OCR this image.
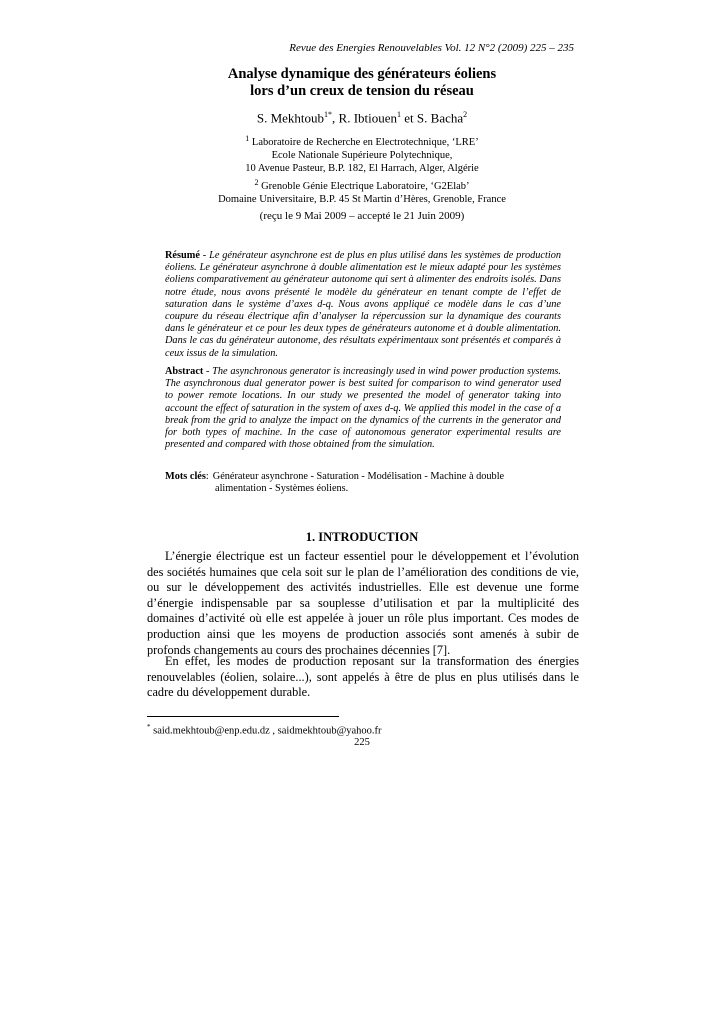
Revue des Energies Renouvelables Vol. 12 N°2 (2009) 225 – 235
Analyse dynamique des générateurs éoliens
lors d’un creux de tension du réseau
S. Mekhtoub$^{1*}$, R. Ibtiouen$^1$ et S. Bacha$^2$
$^1$ Laboratoire de Recherche en Electrotechnique, ‘LRE’
Ecole Nationale Supérieure Polytechnique,
10 Avenue Pasteur, B.P. 182, El Harrach, Alger, Algérie
$^2$ Grenoble Génie Electrique Laboratoire, ‘G2Elab’
Domaine Universitaire, B.P. 45 St Martin d’Hères, Grenoble, France
(reçu le 9 Mai 2009 – accepté le 21 Juin 2009)
Résumé - Le générateur asynchrone est de plus en plus utilisé dans les systèmes de production éoliens. Le générateur asynchrone à double alimentation est le mieux adapté pour les systèmes éoliens comparativement au générateur autonome qui sert à alimenter des endroits isolés. Dans notre étude, nous avons présenté le modèle du générateur en tenant compte de l’effet de saturation dans le système d’axes d-q. Nous avons appliqué ce modèle dans le cas d’une coupure du réseau électrique afin d’analyser la répercussion sur la dynamique des courants dans le générateur et ce pour les deux types de générateurs autonome et à double alimentation. Dans le cas du générateur autonome, des résultats expérimentaux sont présentés et comparés à ceux issus de la simulation.
Abstract - The asynchronous generator is increasingly used in wind power production systems. The asynchronous dual generator power is best suited for comparison to wind generator used to power remote locations. In our study we presented the model of generator taking into account the effect of saturation in the system of axes d-q. We applied this model in the case of a break from the grid to analyze the impact on the dynamics of the currents in the generator and for both types of machine. In the case of autonomous generator experimental results are presented and compared with those obtained from the simulation.
Mots clés : Générateur asynchrone - Saturation - Modélisation - Machine à double
alimentation - Systèmes éoliens.
1. INTRODUCTION
L’énergie électrique est un facteur essentiel pour le développement et l’évolution des sociétés humaines que cela soit sur le plan de l’amélioration des conditions de vie, ou sur le développement des activités industrielles. Elle est devenue une forme d’énergie indispensable par sa souplesse d’utilisation et par la multiplicité des domaines d’activité où elle est appelée à jouer un rôle plus important. Ces modes de production ainsi que les moyens de production associés sont amenés à subir de profonds changements au cours des prochaines décennies [7].
En effet, les modes de production reposant sur la transformation des énergies renouvelables (éolien, solaire...), sont appelés à être de plus en plus utilisés dans le cadre du développement durable.
* said.mekhtoub@enp.edu.dz , saidmekhtoub@yahoo.fr
225
